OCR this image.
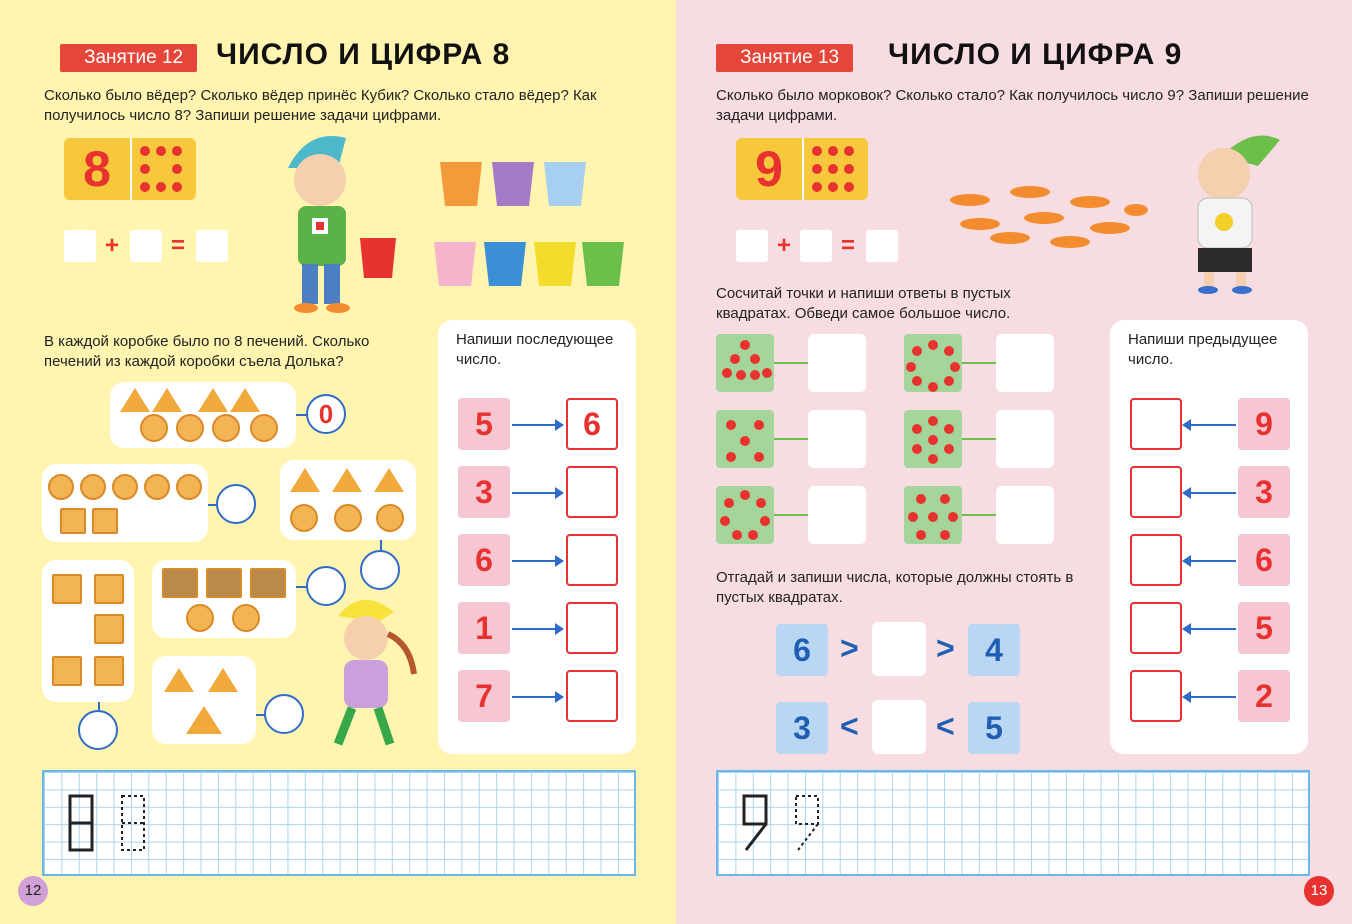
Занятие 12	ЧИСЛО И ЦИФРА 8
Сколько было вёдер? Сколько вёдер принёс Кубик? Сколько стало вёдер? Как получилось число 8? Запиши решение задачи цифрами.
8
+ =
В каждой коробке было по 8 печений. Сколько печений из каждой коробки съела Долька?
0
Напиши последующее число.
5	6
3
6
1
7
12
Занятие 13	ЧИСЛО И ЦИФРА 9
Сколько было морковок? Сколько стало? Как получилось число 9? Запиши решение задачи цифрами.
9
+ =
Сосчитай точки и напиши ответы в пустых квадратах. Обведи самое большое число.
Отгадай и запиши числа, которые должны стоять в пустых квадратах.
6 > > 4
3 < < 5
Напиши предыдущее число.
9
3
6
5
2
13
